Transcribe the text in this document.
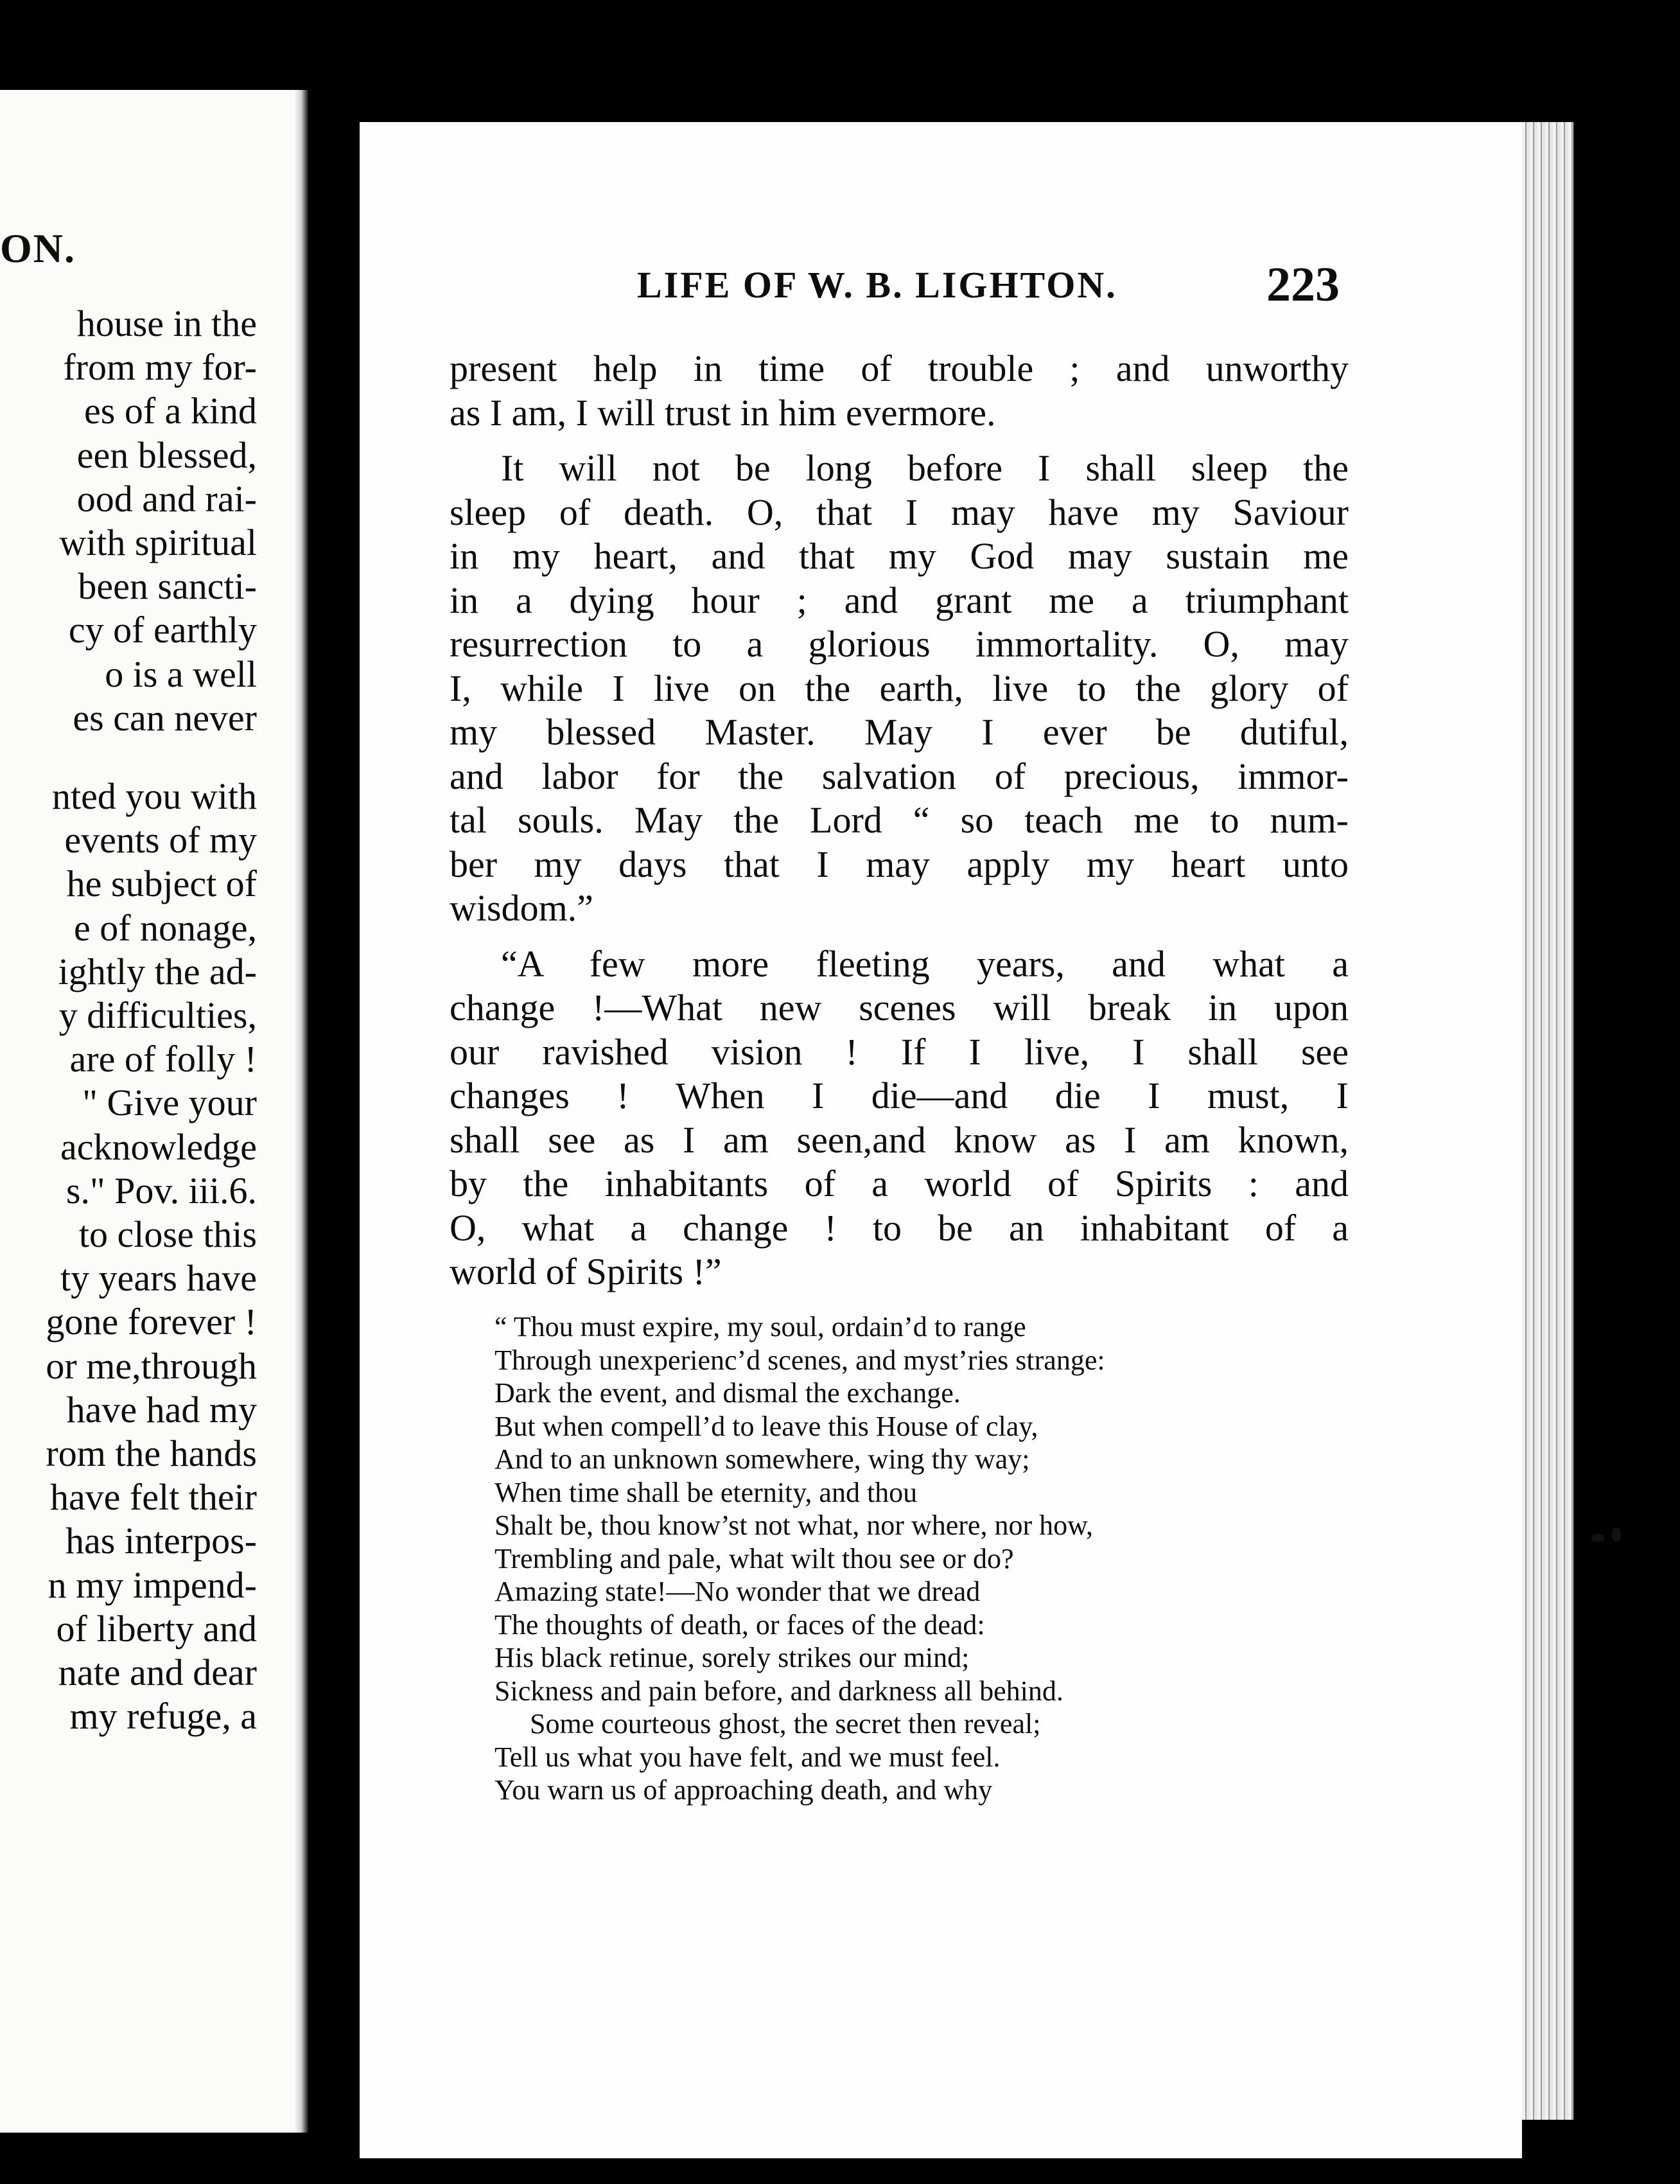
ON.
house in the
from my for-
es of a kind
een blessed,
ood and rai-
with spiritual
been sancti-
cy of earthly
o is a well
es can never
nted you with
events of my
he subject of
e of nonage,
ightly the ad-
y difficulties,
are of folly !
" Give your
acknowledge
s." Pov. iii.6.
to close this
ty years have
gone forever !
or me,through
have had my
rom the hands
have felt their
has interpos-
n my impend-
of liberty and
nate and dear
my refuge, a
LIFE OF W. B. LIGHTON.	223

present help in time of trouble ; and unworthy
as I am, I will trust in him evermore.

It will not be long before I shall sleep the
sleep of death. O, that I may have my Saviour
in my heart, and that my God may sustain me
in a dying hour ; and grant me a triumphant
resurrection to a glorious immortality. O, may
I, while I live on the earth, live to the glory of
my blessed Master. May I ever be dutiful,
and labor for the salvation of precious, immor-
tal souls. May the Lord “ so teach me to num-
ber my days that I may apply my heart unto
wisdom.”

“A few more fleeting years, and what a
change !—What new scenes will break in upon
our ravished vision ! If I live, I shall see
changes ! When I die—and die I must, I
shall see as I am seen,and know as I am known,
by the inhabitants of a world of Spirits : and
O, what a change ! to be an inhabitant of a
world of Spirits !”

“ Thou must expire, my soul, ordain’d to range
Through unexperienc’d scenes, and myst’ries strange:
Dark the event, and dismal the exchange.
But when compell’d to leave this House of clay,
And to an unknown somewhere, wing thy way;
When time shall be eternity, and thou
Shalt be, thou know’st not what, nor where, nor how,
Trembling and pale, what wilt thou see or do?
Amazing state!—No wonder that we dread
The thoughts of death, or faces of the dead:
His black retinue, sorely strikes our mind;
Sickness and pain before, and darkness all behind.
Some courteous ghost, the secret then reveal;
Tell us what you have felt, and we must feel.
You warn us of approaching death, and why
